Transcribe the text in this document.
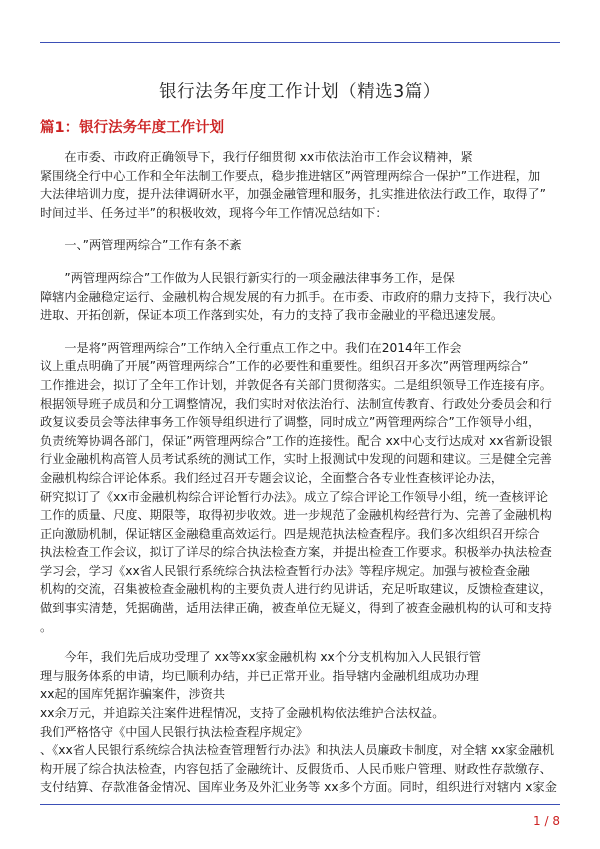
银行法务年度工作计划（精选3篇）
篇1：银行法务年度工作计划

　　在市委、市政府正确领导下，我行仔细贯彻 xx市依法治市工作会议精神，紧

紧围绕全行中心工作和全年法制工作要点，稳步推进辖区”两管理两综合一保护”工作进程，加

大法律培训力度，提升法律调研水平，加强金融管理和服务，扎实推进依法行政工作，取得了”

时间过半、任务过半”的积极收效，现将今年工作情况总结如下：

　　一、”两管理两综合”工作有条不紊

　　”两管理两综合”工作做为人民银行新实行的一项金融法律事务工作，是保

障辖内金融稳定运行、金融机构合规发展的有力抓手。在市委、市政府的鼎力支持下，我行决心

进取、开拓创新，保证本项工作落到实处，有力的支持了我市金融业的平稳迅速发展。

　　一是将”两管理两综合”工作纳入全行重点工作之中。我们在2014年工作会

议上重点明确了开展”两管理两综合”工作的必要性和重要性。组织召开多次”两管理两综合”

工作推进会，拟订了全年工作计划，并敦促各有关部门贯彻落实。二是组织领导工作连接有序。

根据领导班子成员和分工调整情况，我们实时对依法治行、法制宣传教育、行政处分委员会和行

政复议委员会等法律事务工作领导组织进行了调整，同时成立”两管理两综合”工作领导小组，

负责统筹协调各部门，保证”两管理两综合”工作的连接性。配合 xx中心支行达成对 xx省新设银

行业金融机构高管人员考试系统的测试工作，实时上报测试中发现的问题和建议。三是健全完善

金融机构综合评论体系。我们经过召开专题会议论，全面整合各专业性查核评论办法，

研究拟订了《xx市金融机构综合评论暂行办法》。成立了综合评论工作领导小组，统一查核评论

工作的质量、尺度、期限等，取得初步收效。进一步规范了金融机构经营行为、完善了金融机构

正向激励机制，保证辖区金融稳重高效运行。四是规范执法检查程序。我们多次组织召开综合

执法检查工作会议，拟订了详尽的综合执法检查方案，并提出检查工作要求。积极举办执法检查

学习会，学习《xx省人民银行系统综合执法检查暂行办法》等程序规定。加强与被检查金融

机构的交流，召集被检查金融机构的主要负责人进行约见讲话，充足听取建议，反馈检查建议，

做到事实清楚，凭据确凿，适用法律正确，被查单位无疑义，得到了被查金融机构的认可和支持

。

　　今年，我们先后成功受理了 xx等xx家金融机构 xx个分支机构加入人民银行管

理与服务体系的申请，均已顺利办结，并已正常开业。指导辖内金融机组成功办理

xx起的国库凭据诈骗案件，涉资共

xx余万元，并追踪关注案件进程情况，支持了金融机构依法维护合法权益。

我们严格恪守《中国人民银行执法检查程序规定》

、《xx省人民银行系统综合执法检查管理暂行办法》和执法人员廉政卡制度，对全辖 xx家金融机

构开展了综合执法检查，内容包括了金融统计、反假货币、人民币账户管理、财政性存款缴存、

支付结算、存款准备金情况、国库业务及外汇业务等 xx多个方面。同时，组织进行对辖内 x家金

1 / 8
